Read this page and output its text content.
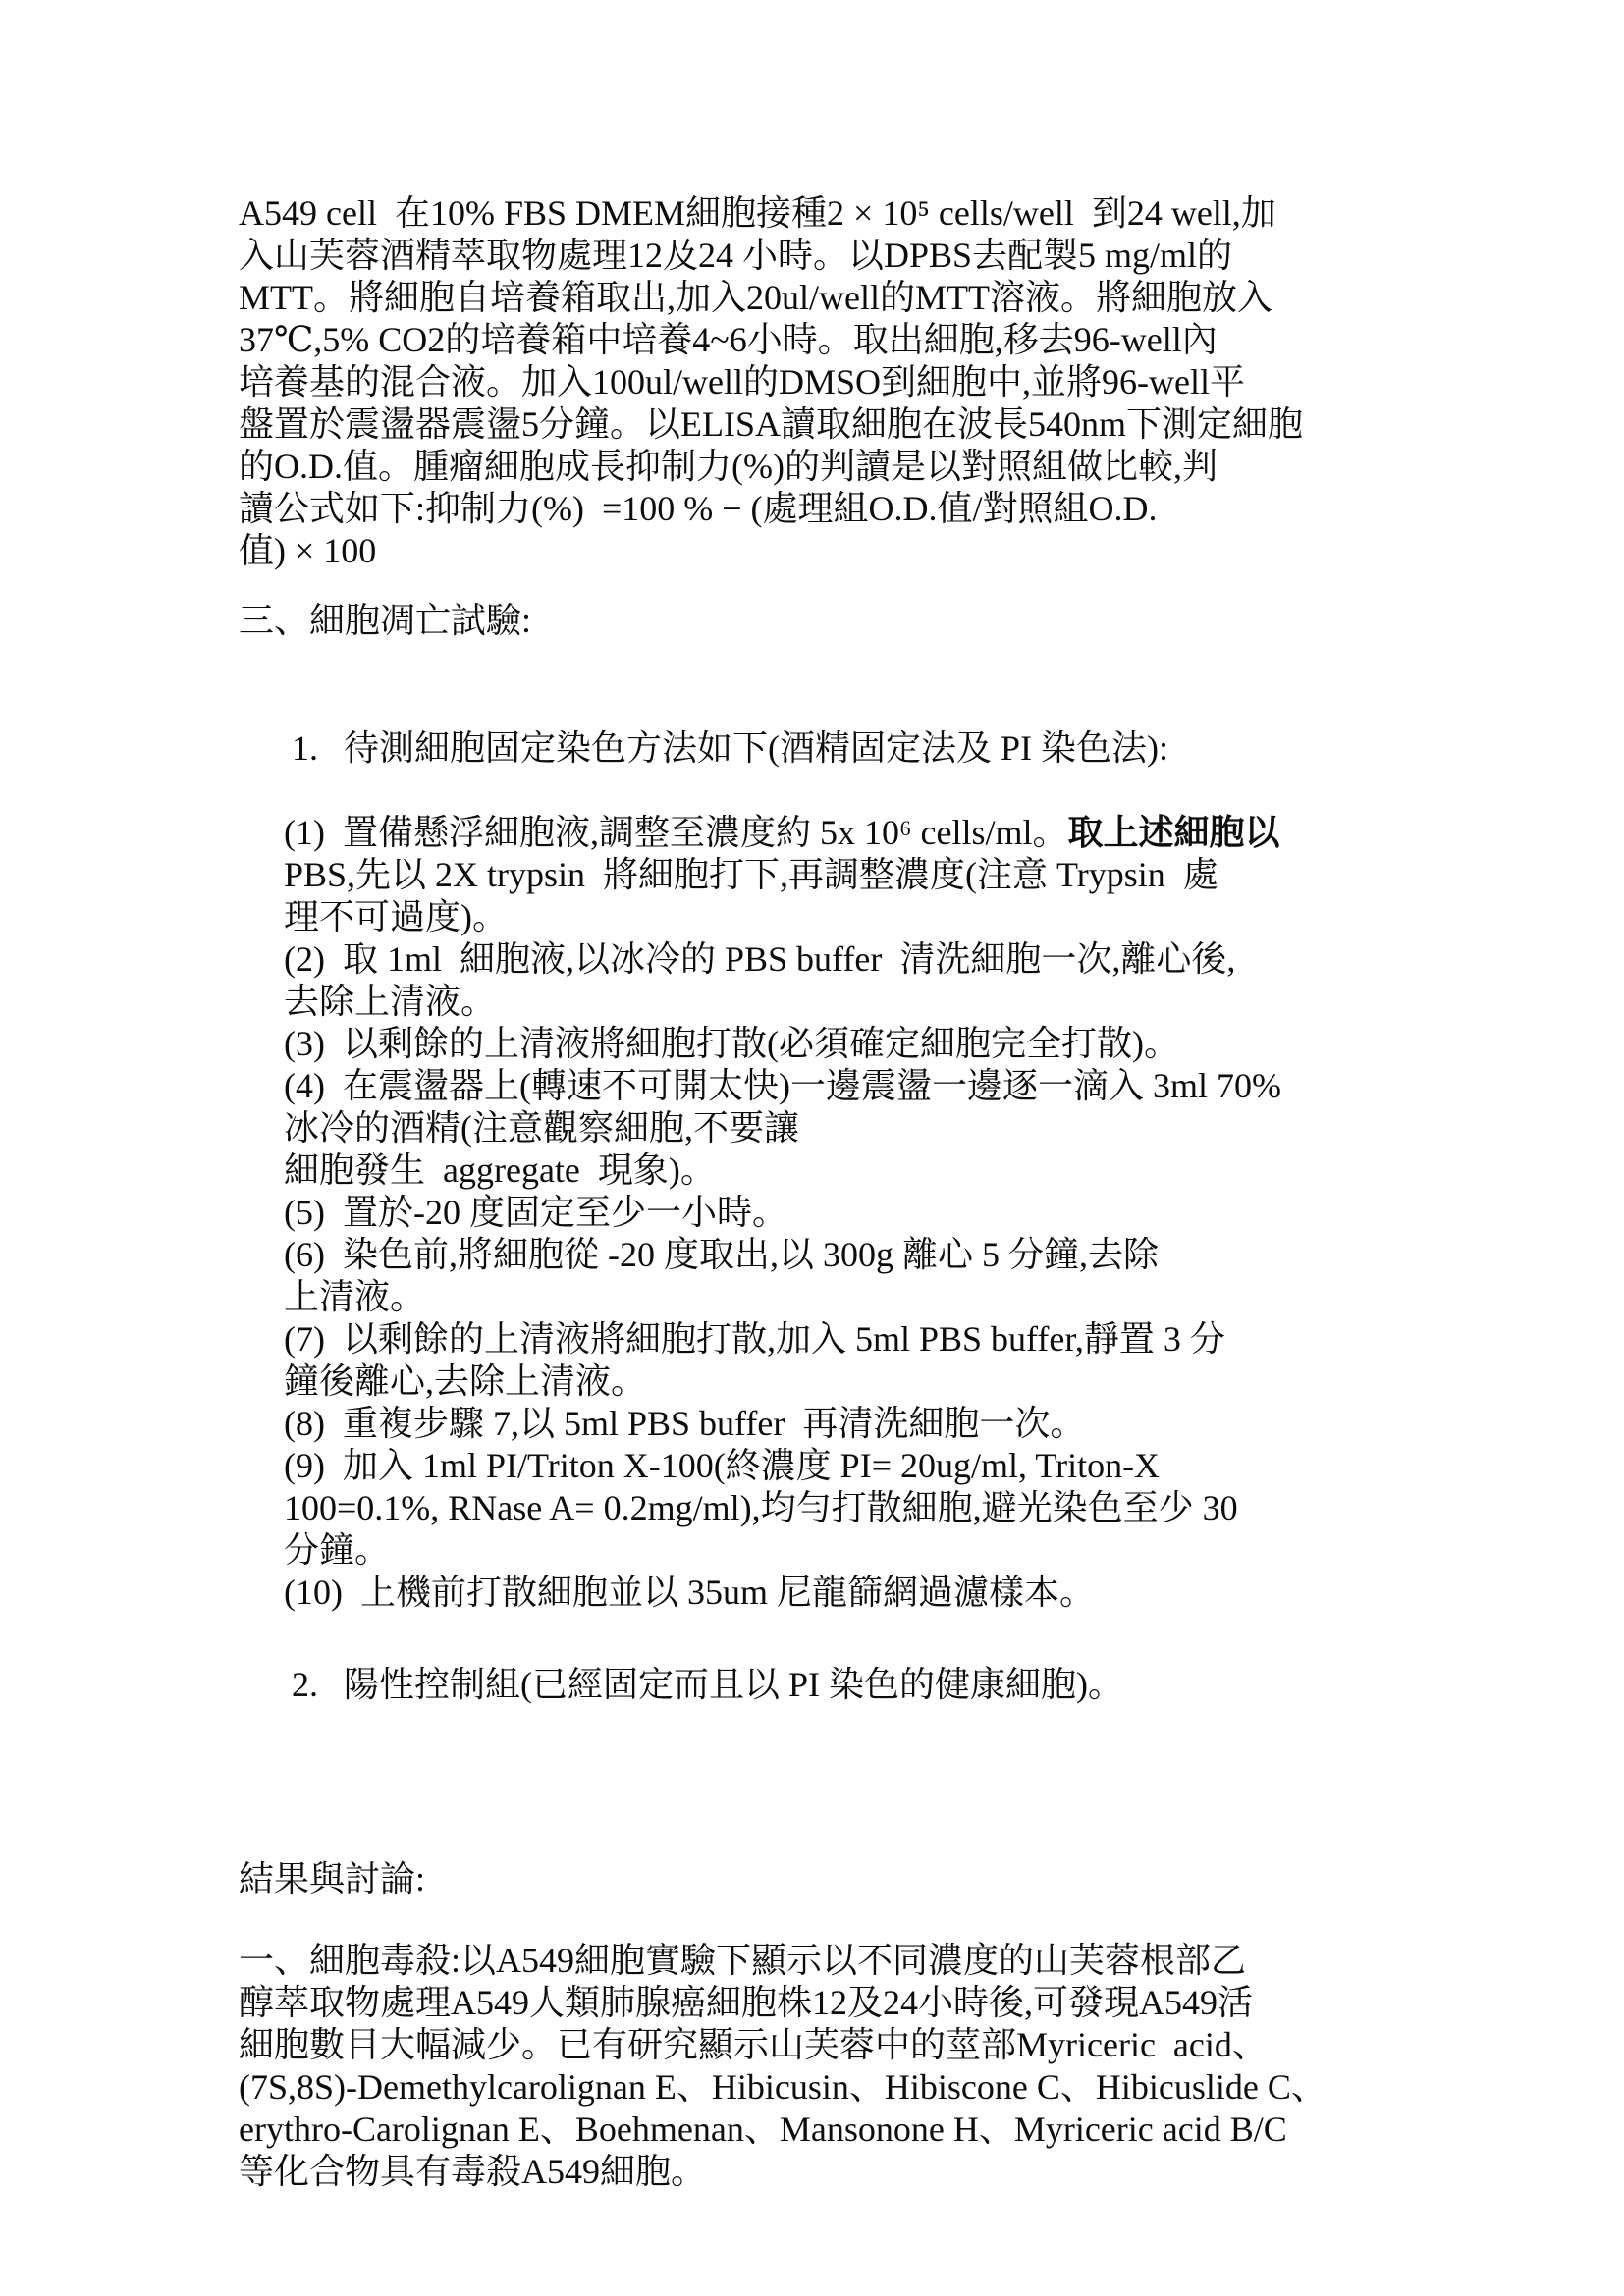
A549 cell  在10% FBS DMEM細胞接種2 × 10⁵ cells/well  到24 well,加
入山芙蓉酒精萃取物處理12及24 小時。以DPBS去配製5 mg/ml的
MTT。將細胞自培養箱取出,加入20ul/well的MTT溶液。將細胞放入
37℃,5% CO2的培養箱中培養4~6小時。取出細胞,移去96-well內
培養基的混合液。加入100ul/well的DMSO到細胞中,並將96-well平
盤置於震盪器震盪5分鐘。以ELISA讀取細胞在波長540nm下測定細胞
的O.D.值。腫瘤細胞成長抑制力(%)的判讀是以對照組做比較,判
讀公式如下:抑制力(%)  =100 % − (處理組O.D.值/對照組O.D.
值) × 100
三、細胞凋亡試驗:

1. 待測細胞固定染色方法如下(酒精固定法及 PI 染色法):

(1)  置備懸浮細胞液,調整至濃度約 5x 10⁶ cells/ml。取上述細胞以
PBS,先以 2X trypsin  將細胞打下,再調整濃度(注意 Trypsin  處
理不可過度)。
(2)  取 1ml  細胞液,以冰冷的 PBS buffer  清洗細胞一次,離心後,
去除上清液。
(3)  以剩餘的上清液將細胞打散(必須確定細胞完全打散)。
(4)  在震盪器上(轉速不可開太快)一邊震盪一邊逐一滴入 3ml 70%
冰冷的酒精(注意觀察細胞,不要讓
細胞發生  aggregate  現象)。
(5)  置於-20 度固定至少一小時。
(6)  染色前,將細胞從 -20 度取出,以 300g 離心 5 分鐘,去除
上清液。
(7)  以剩餘的上清液將細胞打散,加入 5ml PBS buffer,靜置 3 分
鐘後離心,去除上清液。
(8)  重複步驟 7,以 5ml PBS buffer  再清洗細胞一次。
(9)  加入 1ml PI/Triton X-100(終濃度 PI= 20ug/ml, Triton-X
100=0.1%, RNase A= 0.2mg/ml),均勻打散細胞,避光染色至少 30
分鐘。
(10)  上機前打散細胞並以 35um 尼龍篩網過濾樣本。

2. 陽性控制組(已經固定而且以 PI 染色的健康細胞)。

結果與討論:
一、細胞毒殺:以A549細胞實驗下顯示以不同濃度的山芙蓉根部乙
醇萃取物處理A549人類肺腺癌細胞株12及24小時後,可發現A549活
細胞數目大幅減少。已有研究顯示山芙蓉中的莖部Myriceric  acid、
(7S,8S)-Demethylcarolignan E、Hibicusin、Hibiscone C、Hibicuslide C、
erythro-Carolignan E、Boehmenan、Mansonone H、Myriceric acid B/C
等化合物具有毒殺A549細胞。
